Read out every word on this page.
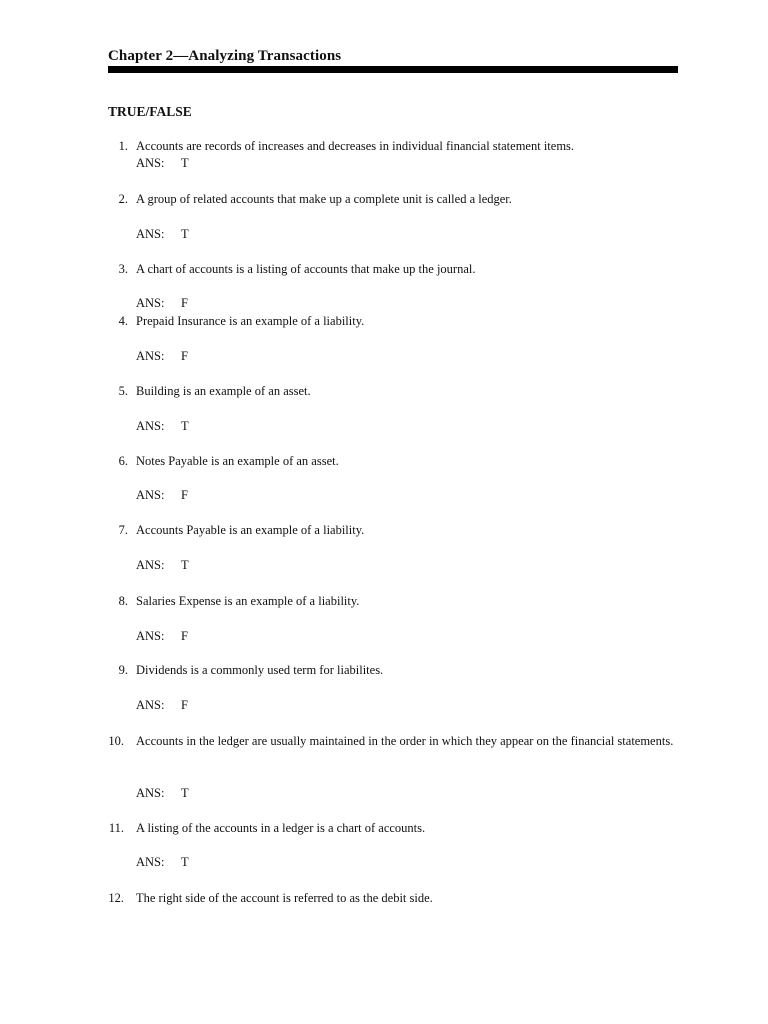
Chapter 2—Analyzing Transactions
TRUE/FALSE
1. Accounts are records of increases and decreases in individual financial statement items.

ANS: T
2. A group of related accounts that make up a complete unit is called a ledger.

ANS: T
3. A chart of accounts is a listing of accounts that make up the journal.

ANS: F
4. Prepaid Insurance is an example of a liability.

ANS: F
5. Building is an example of an asset.

ANS: T
6. Notes Payable is an example of an asset.

ANS: F
7. Accounts Payable is an example of a liability.

ANS: T
8. Salaries Expense is an example of a liability.

ANS: F
9. Dividends is a commonly used term for liabilites.

ANS: F
10. Accounts in the ledger are usually maintained in the order in which they appear on the financial statements.

ANS: T
11. A listing of the accounts in a ledger is a chart of accounts.

ANS: T
12. The right side of the account is referred to as the debit side.
